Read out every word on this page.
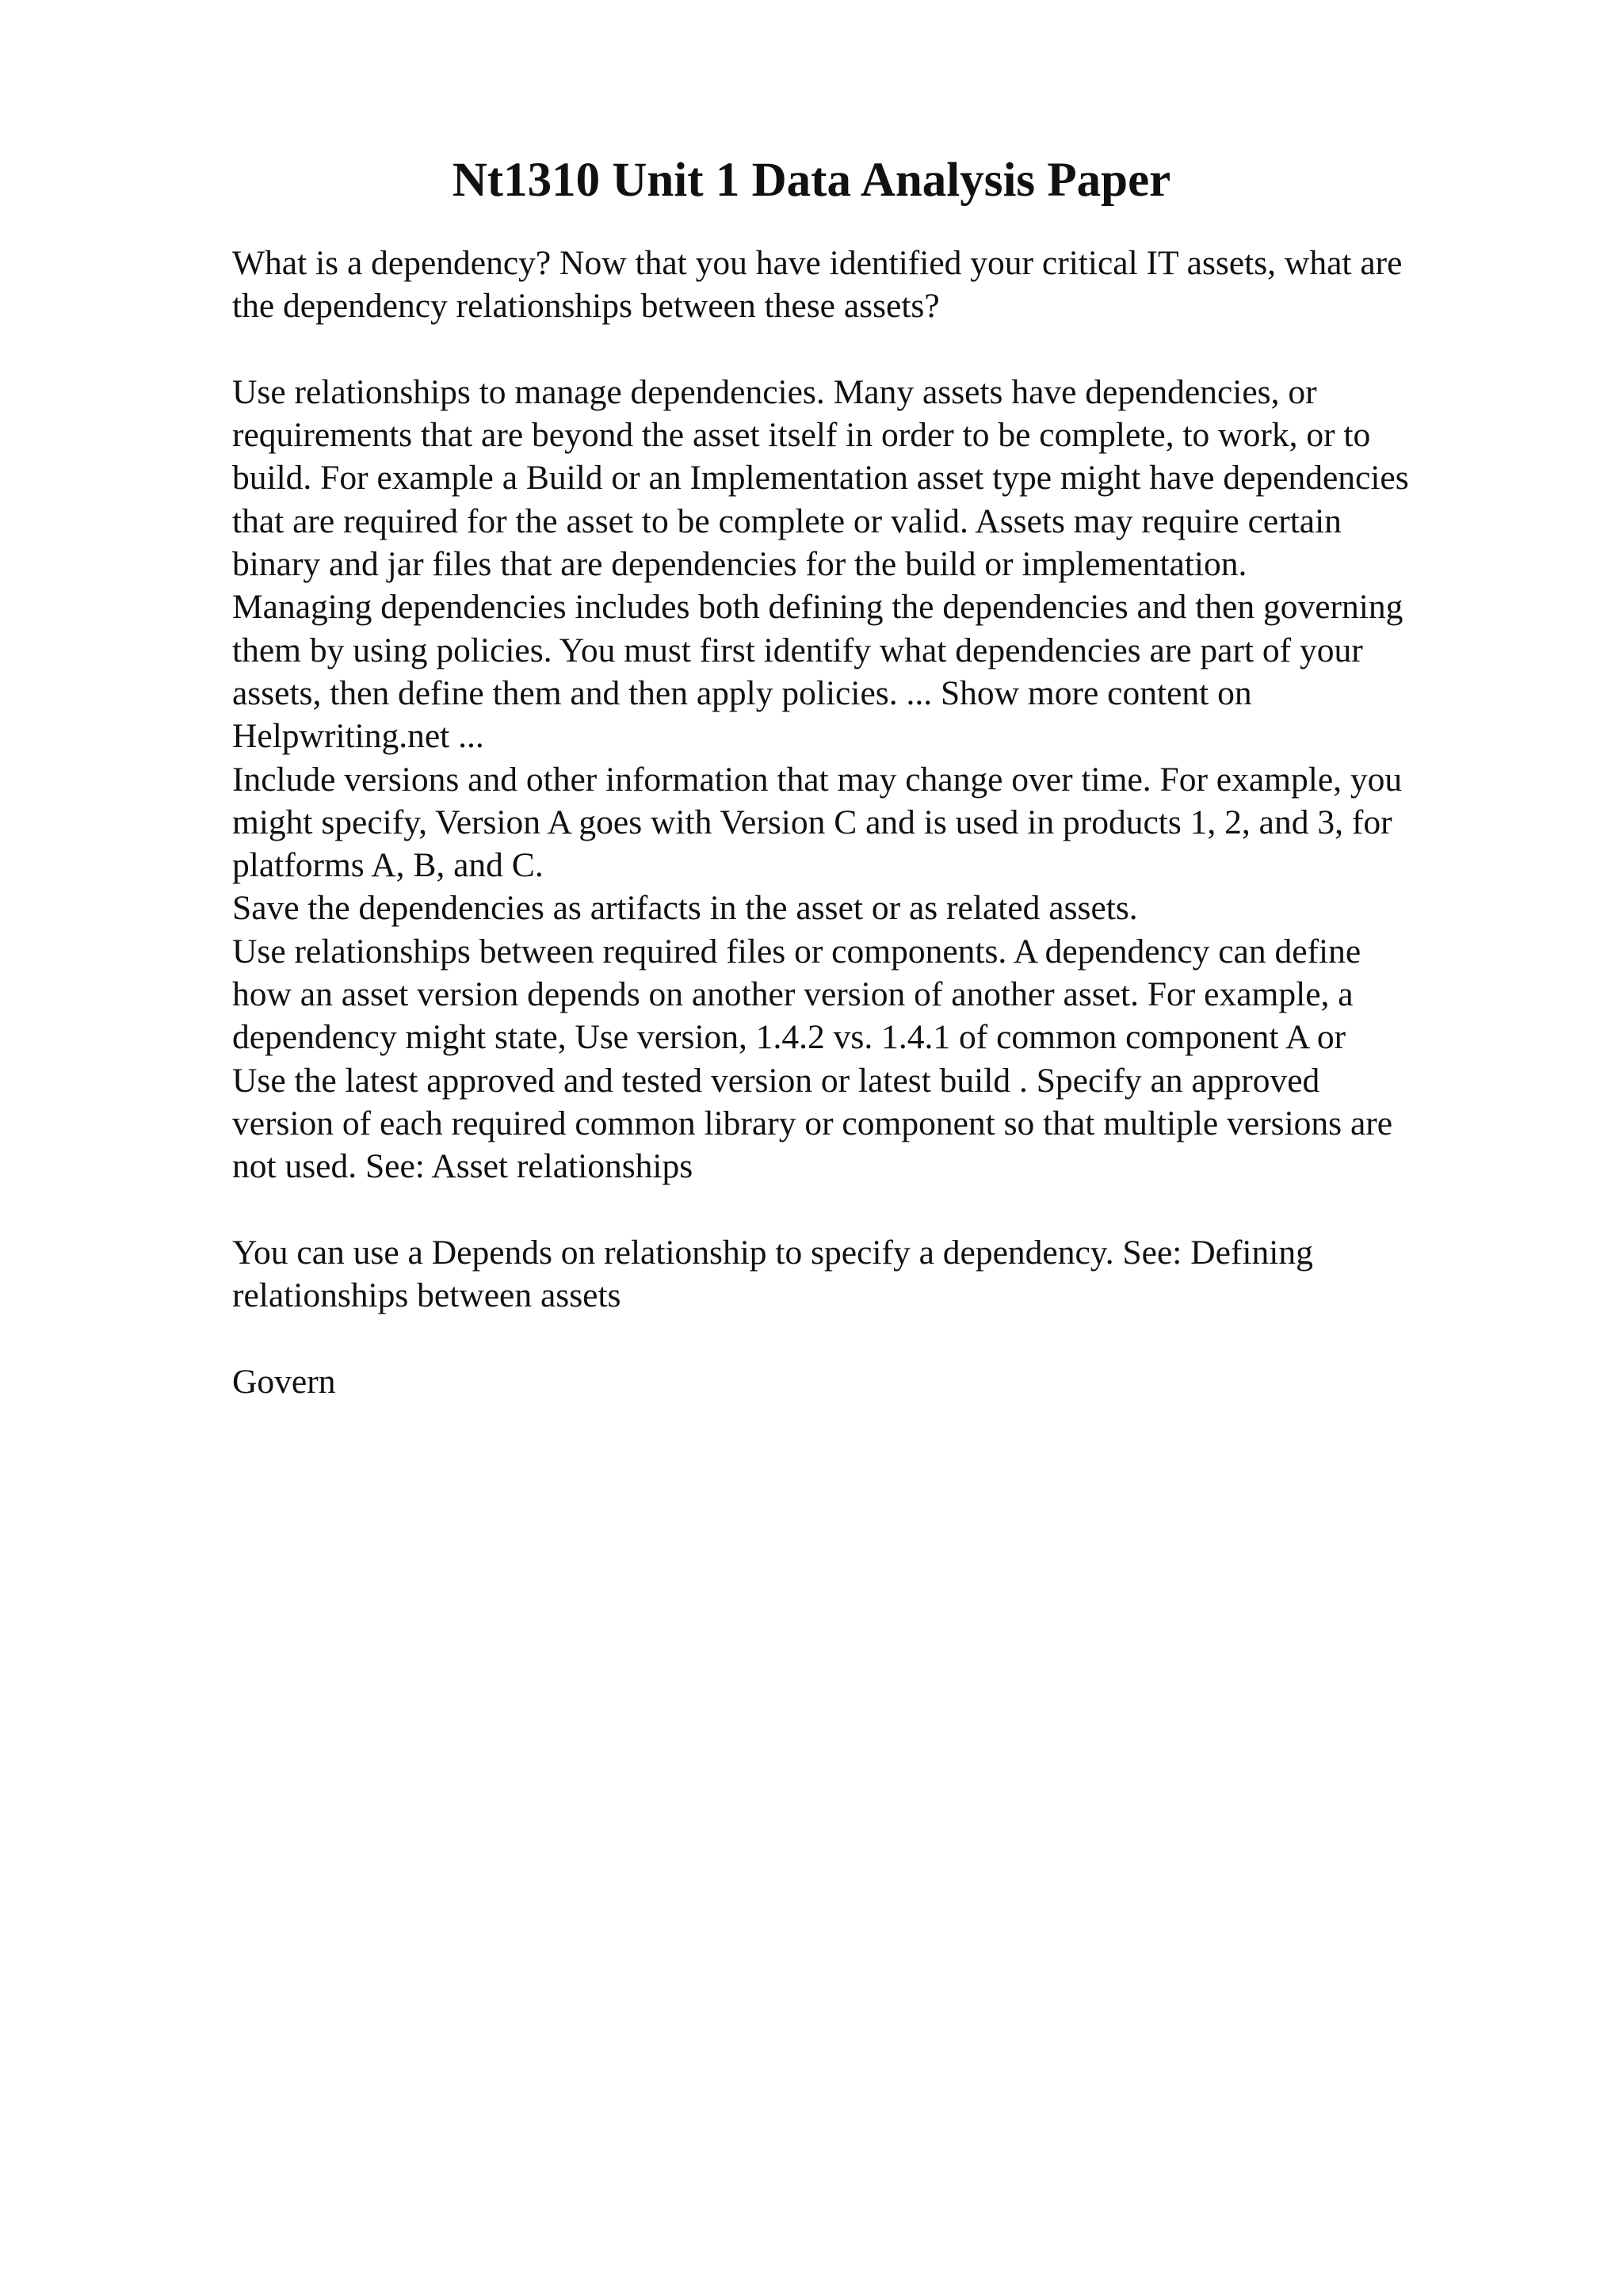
Nt1310 Unit 1 Data Analysis Paper

What is a dependency? Now that you have identified your critical IT assets, what are
the dependency relationships between these assets?

Use relationships to manage dependencies. Many assets have dependencies, or
requirements that are beyond the asset itself in order to be complete, to work, or to
build. For example a Build or an Implementation asset type might have dependencies
that are required for the asset to be complete or valid. Assets may require certain
binary and jar files that are dependencies for the build or implementation.
Managing dependencies includes both defining the dependencies and then governing
them by using policies. You must first identify what dependencies are part of your
assets, then define them and then apply policies. ... Show more content on
Helpwriting.net ...
Include versions and other information that may change over time. For example, you
might specify, Version A goes with Version C and is used in products 1, 2, and 3, for
platforms A, B, and C.
Save the dependencies as artifacts in the asset or as related assets.
Use relationships between required files or components. A dependency can define
how an asset version depends on another version of another asset. For example, a
dependency might state, Use version, 1.4.2 vs. 1.4.1 of common component A or
Use the latest approved and tested version or latest build . Specify an approved
version of each required common library or component so that multiple versions are
not used. See: Asset relationships

You can use a Depends on relationship to specify a dependency. See: Defining
relationships between assets

Govern
